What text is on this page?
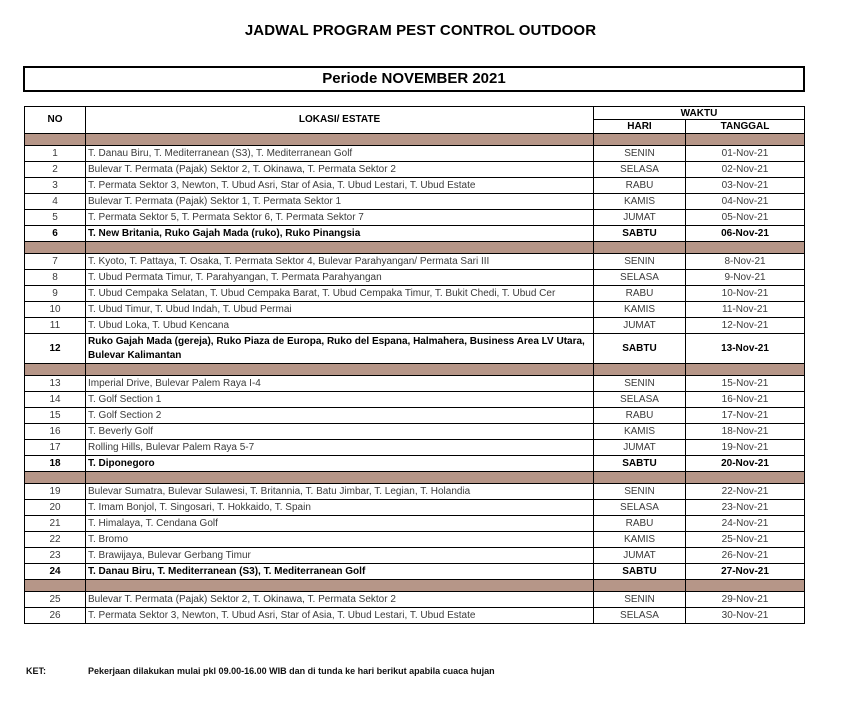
JADWAL PROGRAM PEST CONTROL OUTDOOR
Periode NOVEMBER 2021
NO	LOKASI/ ESTATE	WAKTU	
		HARI	TANGGAL

1	T. Danau Biru, T. Mediterranean (S3), T. Mediterranean Golf	SENIN	01-Nov-21
2	Bulevar T. Permata (Pajak) Sektor 2, T. Okinawa, T. Permata Sektor 2	SELASA	02-Nov-21
3	T. Permata Sektor 3, Newton, T. Ubud Asri, Star of Asia, T. Ubud Lestari, T. Ubud Estate	RABU	03-Nov-21
4	Bulevar T. Permata (Pajak) Sektor 1, T. Permata Sektor 1	KAMIS	04-Nov-21
5	T. Permata Sektor 5, T. Permata Sektor 6, T. Permata Sektor 7	JUMAT	05-Nov-21
6	T. New Britania, Ruko Gajah Mada (ruko), Ruko Pinangsia	SABTU	06-Nov-21

7	T. Kyoto, T. Pattaya, T. Osaka, T. Permata Sektor 4, Bulevar Parahyangan/ Permata Sari III	SENIN	8-Nov-21
8	T. Ubud Permata Timur, T. Parahyangan, T. Permata Parahyangan	SELASA	9-Nov-21
9	T. Ubud Cempaka Selatan, T. Ubud Cempaka Barat, T. Ubud Cempaka Timur, T. Bukit Chedi, T. Ubud Cer	RABU	10-Nov-21
10	T. Ubud Timur, T. Ubud Indah, T. Ubud Permai	KAMIS	11-Nov-21
11	T. Ubud Loka, T. Ubud Kencana	JUMAT	12-Nov-21
12	Ruko Gajah Mada (gereja), Ruko Piaza de Europa, Ruko del Espana, Halmahera, Business Area LV Utara, Bulevar Kalimantan	SABTU	13-Nov-21

13	Imperial Drive, Bulevar Palem Raya I-4	SENIN	15-Nov-21
14	T. Golf Section 1	SELASA	16-Nov-21
15	T. Golf Section 2	RABU	17-Nov-21
16	T. Beverly Golf	KAMIS	18-Nov-21
17	Rolling Hills, Bulevar Palem Raya 5-7	JUMAT	19-Nov-21
18	T. Diponegoro	SABTU	20-Nov-21

19	Bulevar Sumatra, Bulevar Sulawesi, T. Britannia, T. Batu Jimbar, T. Legian, T. Holandia	SENIN	22-Nov-21
20	T. Imam Bonjol, T. Singosari, T. Hokkaido, T. Spain	SELASA	23-Nov-21
21	T. Himalaya, T. Cendana Golf	RABU	24-Nov-21
22	T. Bromo	KAMIS	25-Nov-21
23	T. Brawijaya, Bulevar Gerbang Timur	JUMAT	26-Nov-21
24	T. Danau Biru, T. Mediterranean (S3), T. Mediterranean Golf	SABTU	27-Nov-21

25	Bulevar T. Permata (Pajak) Sektor 2, T. Okinawa, T. Permata Sektor 2	SENIN	29-Nov-21
26	T. Permata Sektor 3, Newton, T. Ubud Asri, Star of Asia, T. Ubud Lestari, T. Ubud Estate	SELASA	30-Nov-21
KET:	Pekerjaan dilakukan mulai pkl 09.00-16.00 WIB dan di tunda ke hari berikut apabila cuaca hujan
